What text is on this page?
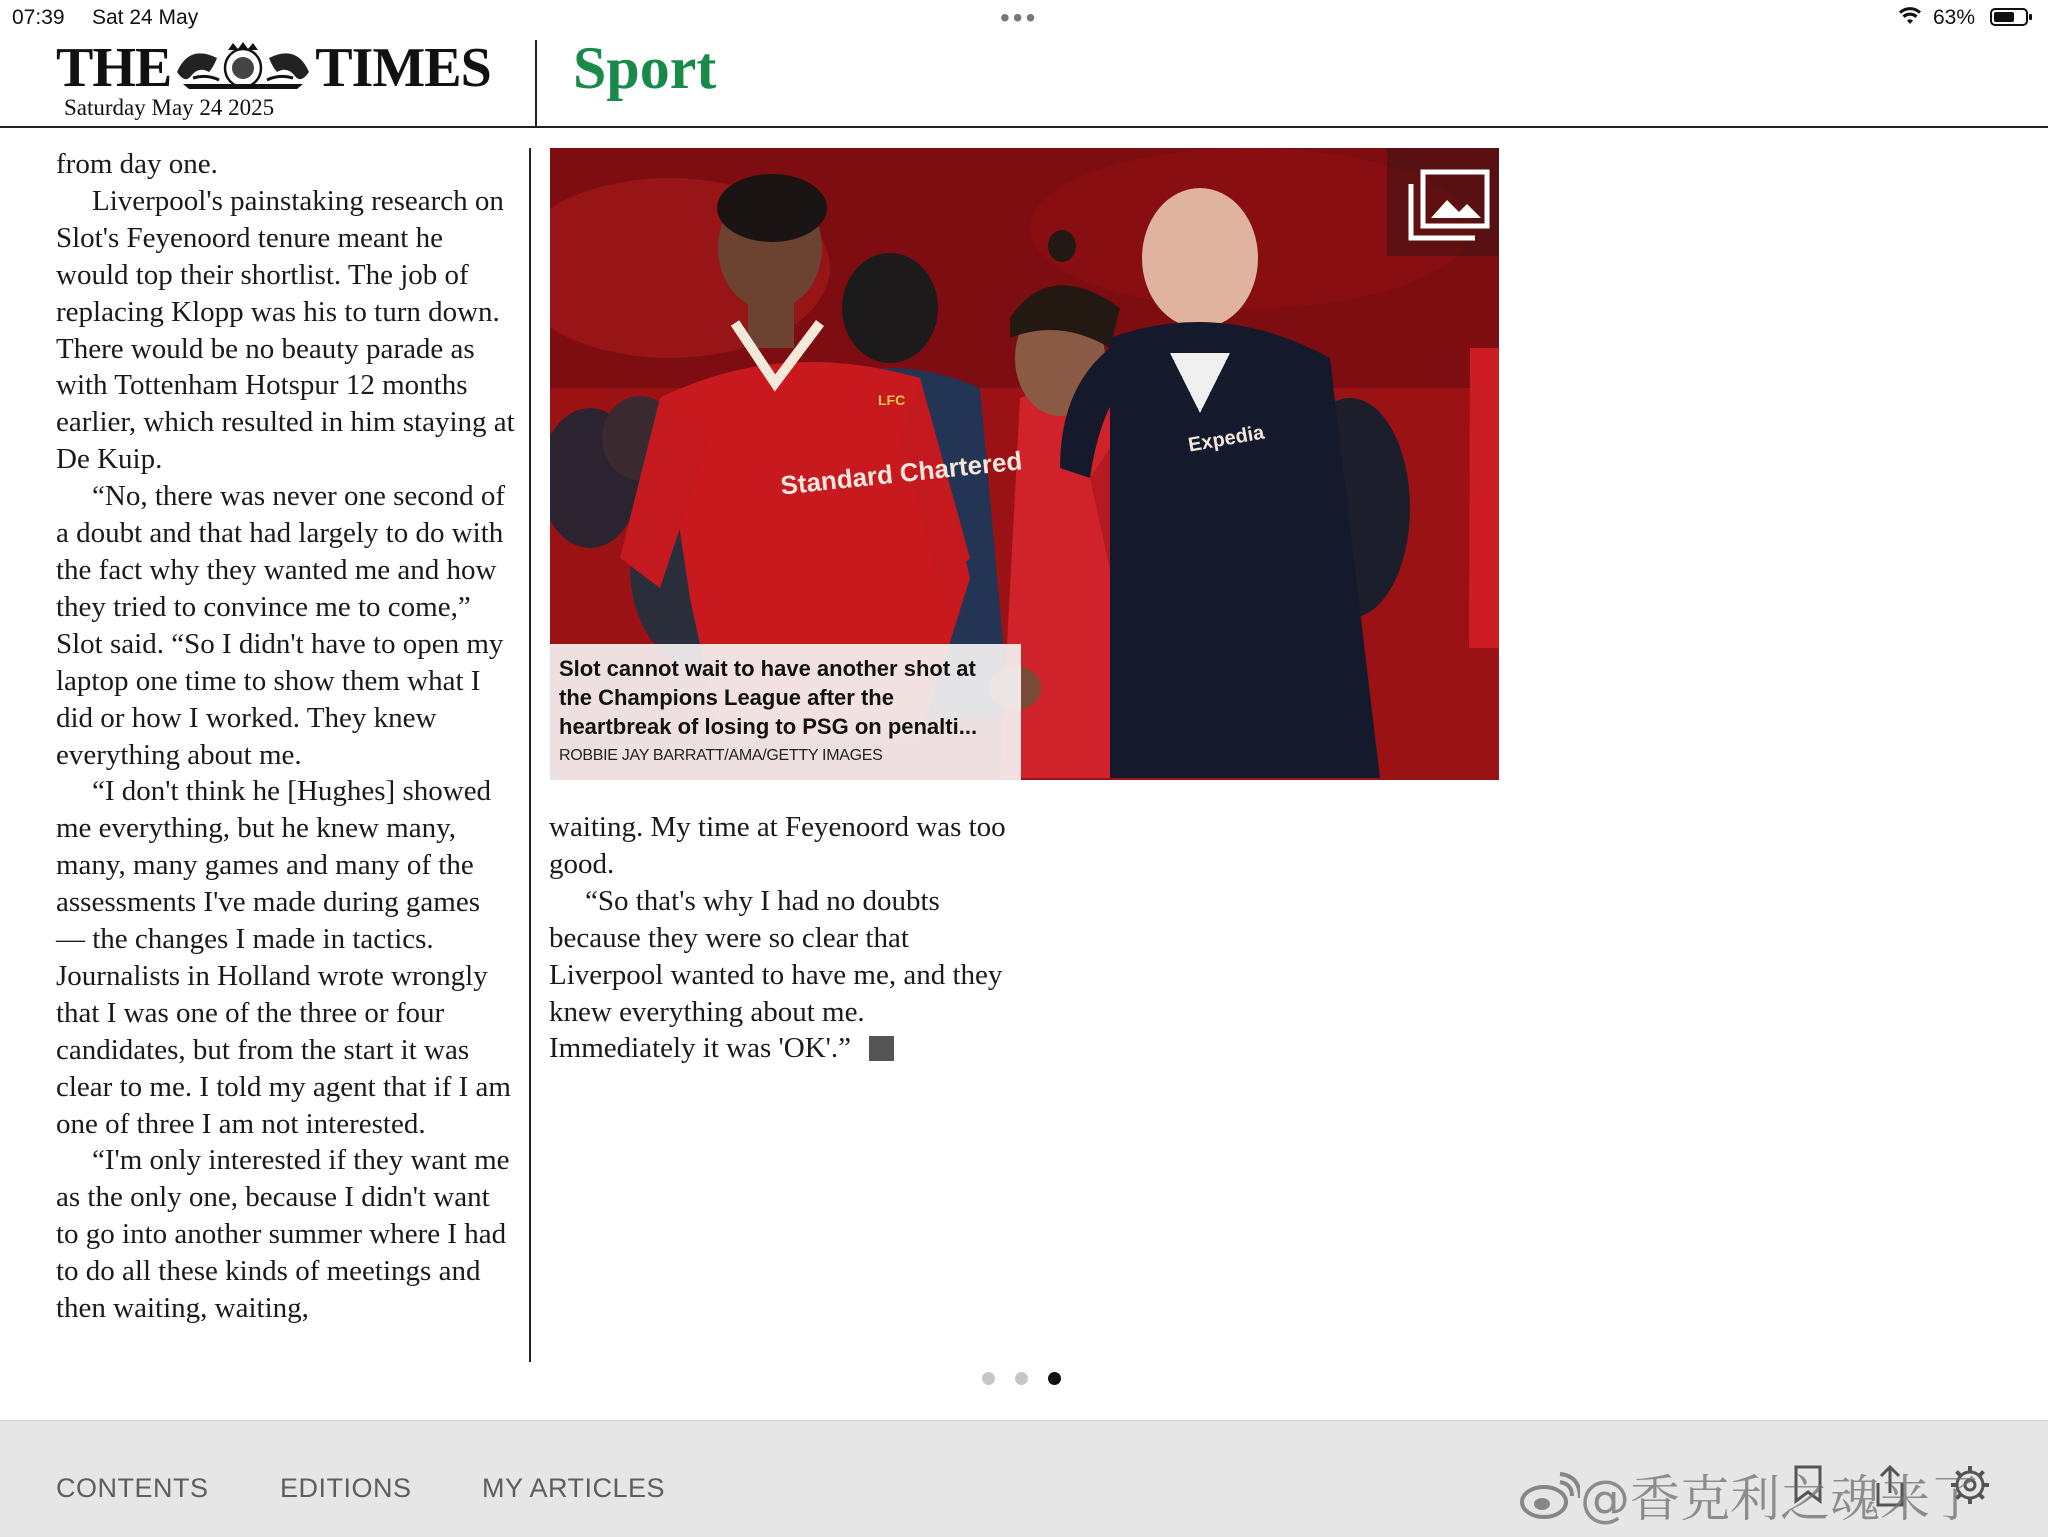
07:39 Sat 24 May	•••	63%
THE	TIMES
Saturday May 24 2025
Sport

from day one.

Liverpool's painstaking research on Slot's Feyenoord tenure meant he would top their shortlist. The job of replacing Klopp was his to turn down. There would be no beauty parade as with Tottenham Hotspur 12 months earlier, which resulted in him staying at De Kuip.

“No, there was never one second of a doubt and that had largely to do with the fact why they wanted me and how they tried to convince me to come,” Slot said. “So I didn't have to open my laptop one time to show them what I did or how I worked. They knew everything about me.

“I don't think he [Hughes] showed me everything, but he knew many, many, many games and many of the assessments I've made during games — the changes I made in tactics. Journalists in Holland wrote wrongly that I was one of the three or four candidates, but from the start it was clear to me. I told my agent that if I am one of three I am not interested.

“I'm only interested if they want me as the only one, because I didn't want to go into another summer where I had to do all these kinds of meetings and then waiting, waiting,

Standard Chartered
Expedia
LFC
Slot cannot wait to have another shot at the Champions League after the heartbreak of losing to PSG on penalti...
ROBBIE JAY BARRATT/AMA/GETTY IMAGES

waiting. My time at Feyenoord was too good.

“So that's why I had no doubts because they were so clear that Liverpool wanted to have me, and they knew everything about me. Immediately it was 'OK'.”

CONTENTS	EDITIONS	MY ARTICLES	@香克利之魂来了
